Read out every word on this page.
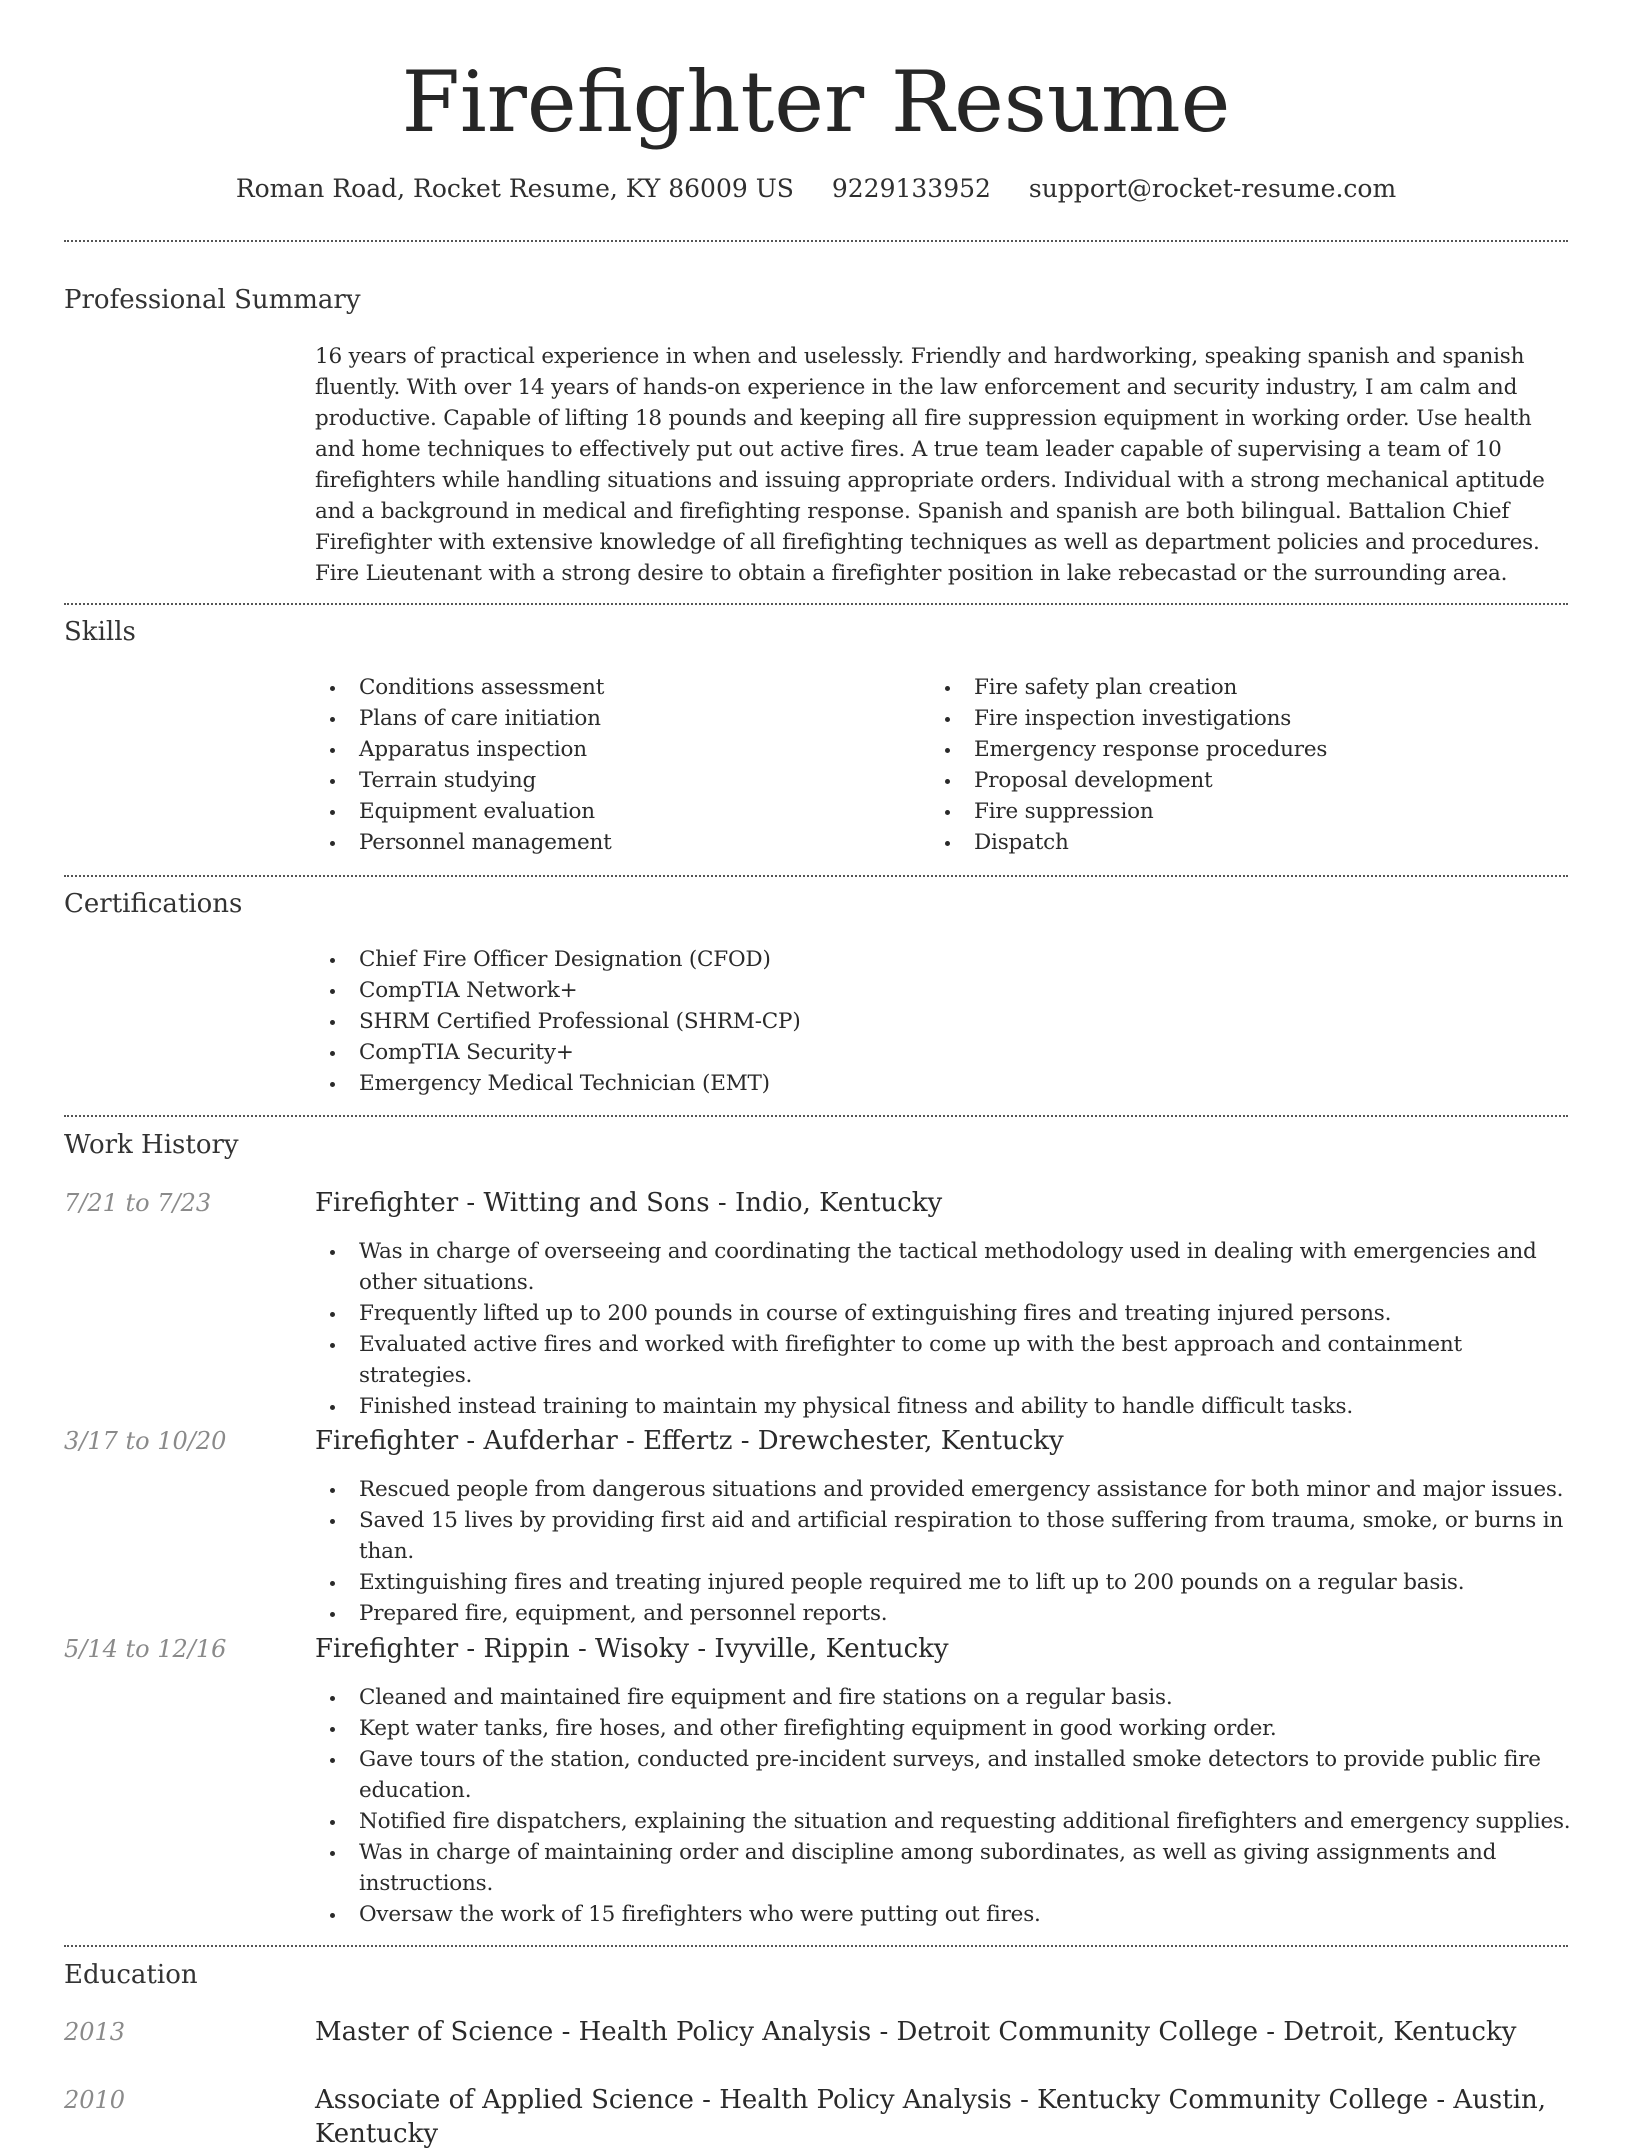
Firefighter Resume
Roman Road, Rocket Resume, KY 86009 US 9229133952 support@rocket-resume.com
Professional Summary

16 years of practical experience in when and uselessly. Friendly and hardworking, speaking spanish and spanish fluently. With over 14 years of hands-on experience in the law enforcement and security industry, I am calm and productive. Capable of lifting 18 pounds and keeping all fire suppression equipment in working order. Use health and home techniques to effectively put out active fires. A true team leader capable of supervising a team of 10 firefighters while handling situations and issuing appropriate orders. Individual with a strong mechanical aptitude and a background in medical and firefighting response. Spanish and spanish are both bilingual. Battalion Chief Firefighter with extensive knowledge of all firefighting techniques as well as department policies and procedures. Fire Lieutenant with a strong desire to obtain a firefighter position in lake rebecastad or the surrounding area.

Skills
Conditions assessment
Plans of care initiation
Apparatus inspection
Terrain studying
Equipment evaluation
Personnel management
Fire safety plan creation
Fire inspection investigations
Emergency response procedures
Proposal development
Fire suppression
Dispatch
Certifications
Chief Fire Officer Designation (CFOD)
CompTIA Network+
SHRM Certified Professional (SHRM-CP)
CompTIA Security+
Emergency Medical Technician (EMT)
Work History
7/21 to 7/23	Firefighter - Witting and Sons - Indio, Kentucky
Was in charge of overseeing and coordinating the tactical methodology used in dealing with emergencies and other situations.
Frequently lifted up to 200 pounds in course of extinguishing fires and treating injured persons.
Evaluated active fires and worked with firefighter to come up with the best approach and containment strategies.
Finished instead training to maintain my physical fitness and ability to handle difficult tasks.
3/17 to 10/20	Firefighter - Aufderhar - Effertz - Drewchester, Kentucky
Rescued people from dangerous situations and provided emergency assistance for both minor and major issues.
Saved 15 lives by providing first aid and artificial respiration to those suffering from trauma, smoke, or burns in than.
Extinguishing fires and treating injured people required me to lift up to 200 pounds on a regular basis.
Prepared fire, equipment, and personnel reports.
5/14 to 12/16	Firefighter - Rippin - Wisoky - Ivyville, Kentucky
Cleaned and maintained fire equipment and fire stations on a regular basis.
Kept water tanks, fire hoses, and other firefighting equipment in good working order.
Gave tours of the station, conducted pre-incident surveys, and installed smoke detectors to provide public fire education.
Notified fire dispatchers, explaining the situation and requesting additional firefighters and emergency supplies.
Was in charge of maintaining order and discipline among subordinates, as well as giving assignments and instructions.
Oversaw the work of 15 firefighters who were putting out fires.
Education
2013	Master of Science - Health Policy Analysis - Detroit Community College - Detroit, Kentucky
2010	Associate of Applied Science - Health Policy Analysis - Kentucky Community College - Austin, Kentucky
